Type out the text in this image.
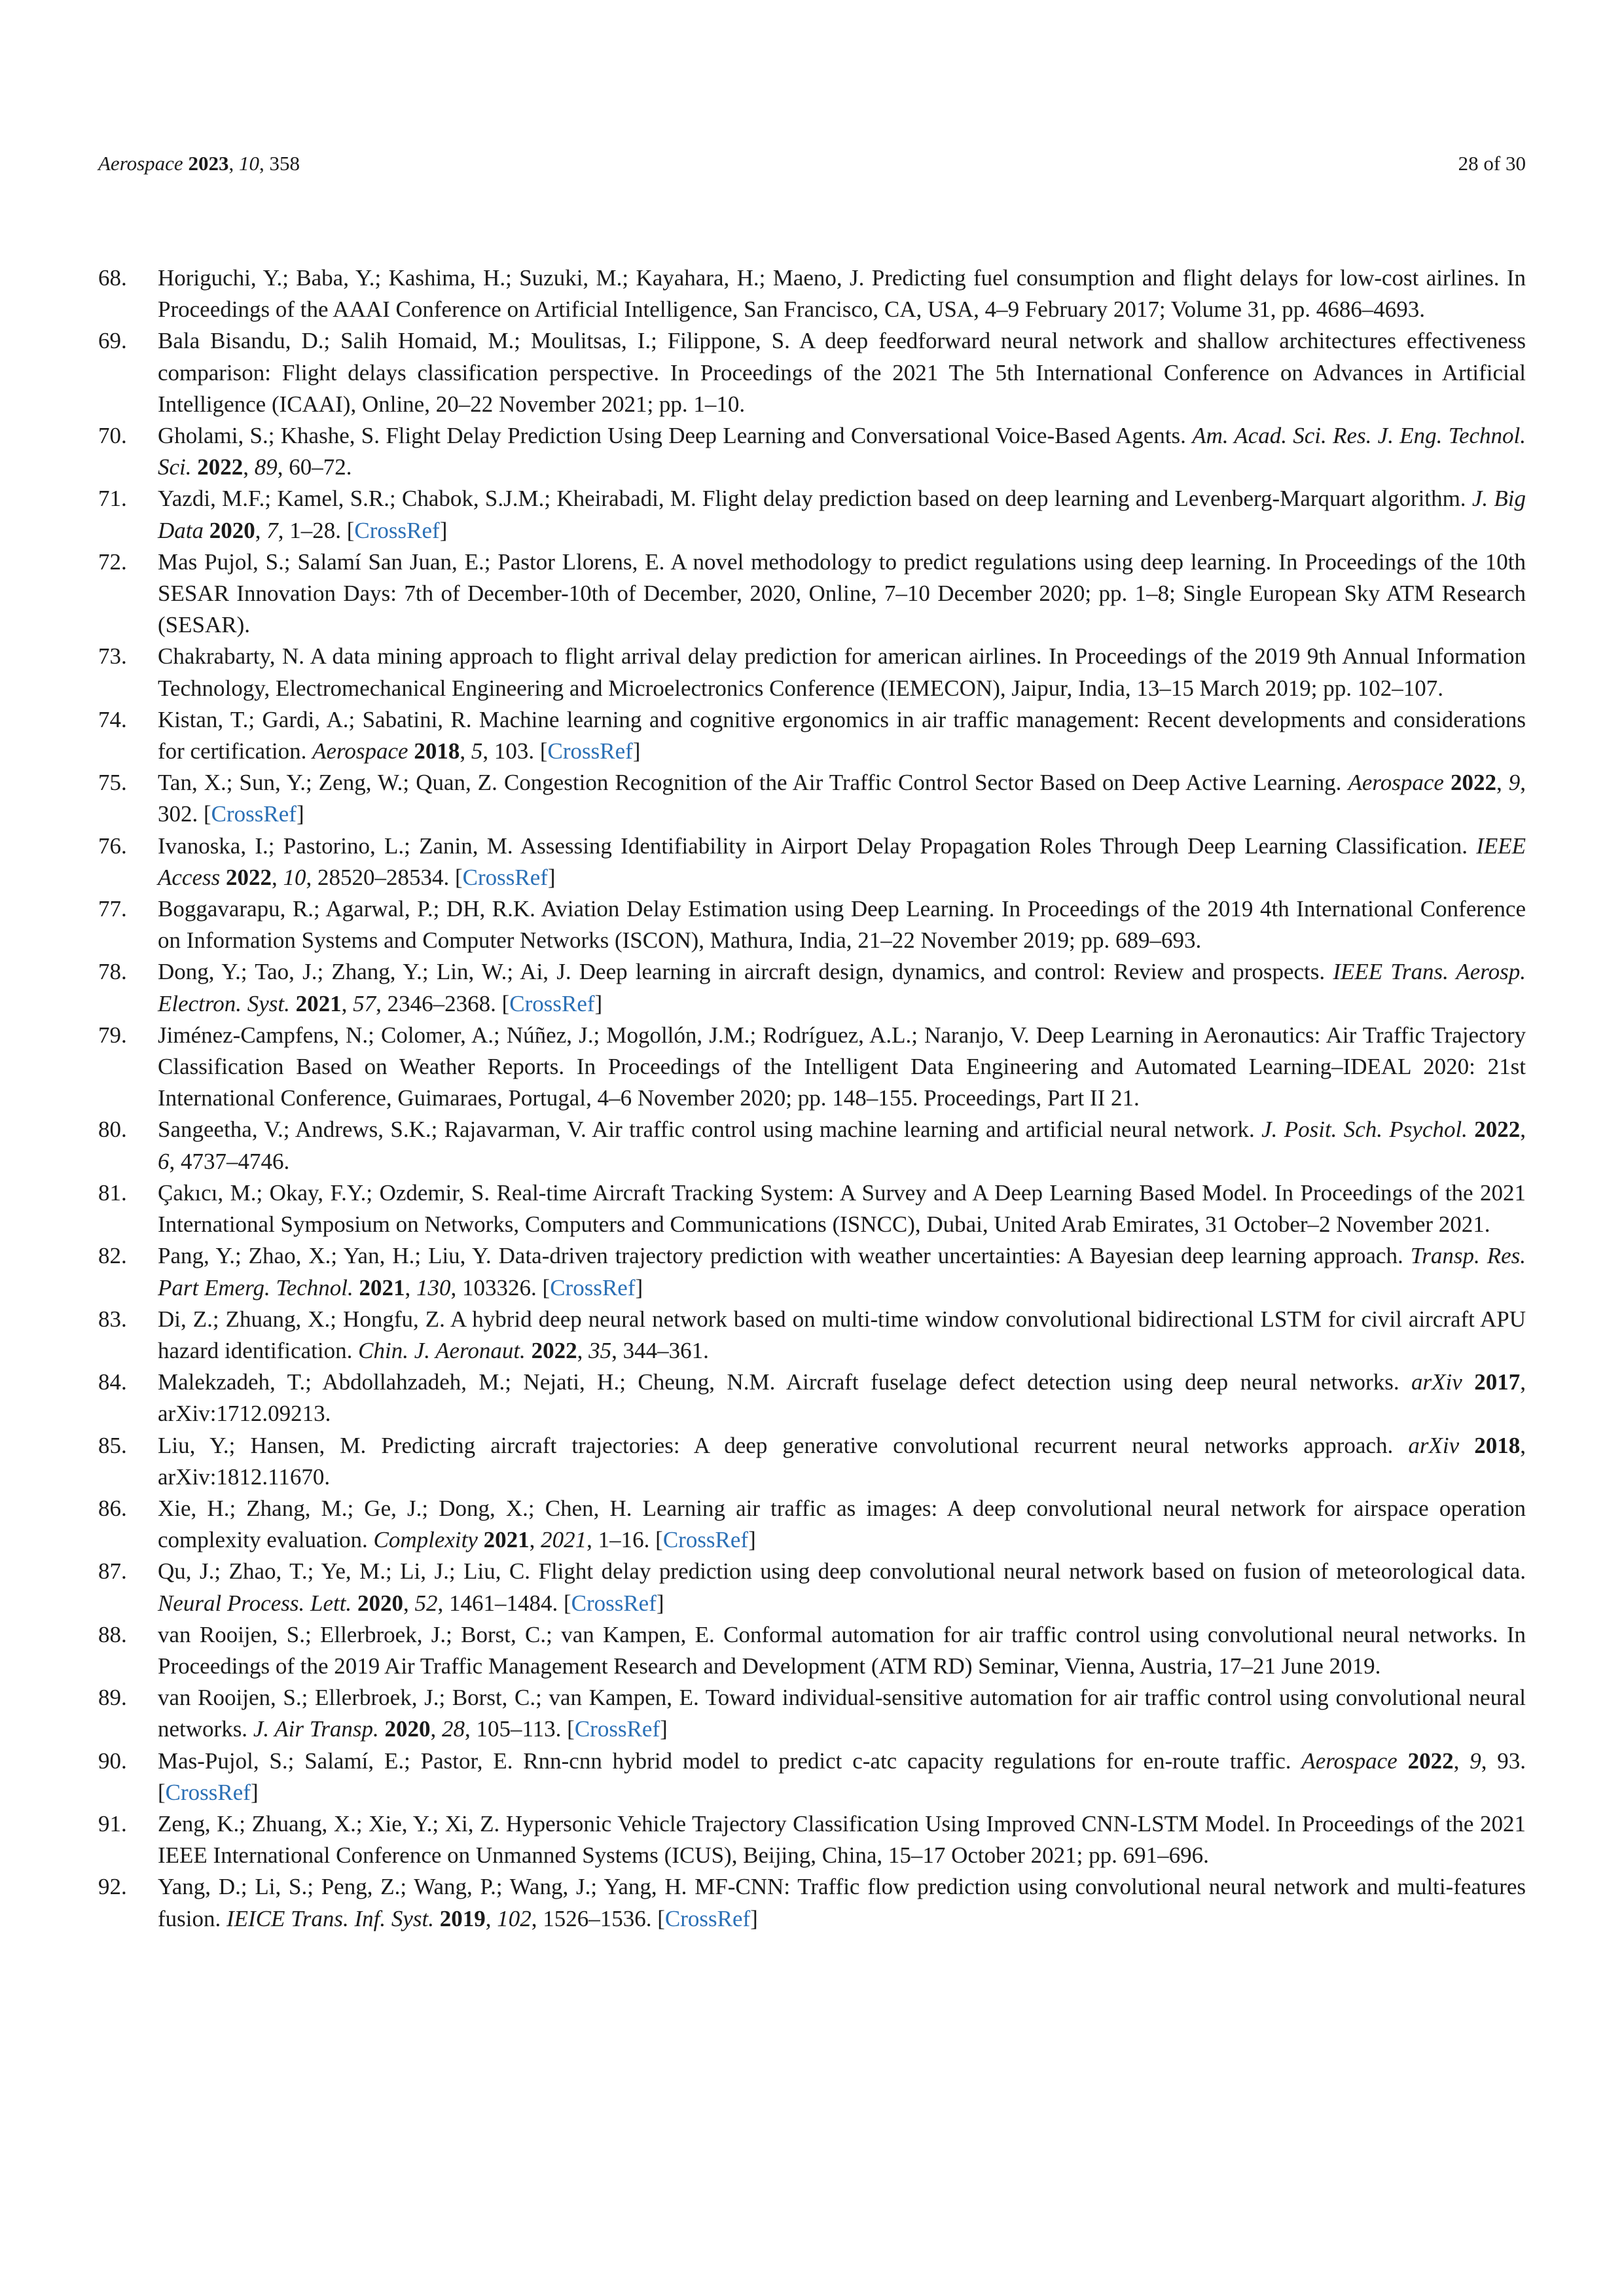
Aerospace 2023, 10, 358	28 of 30
68. Horiguchi, Y.; Baba, Y.; Kashima, H.; Suzuki, M.; Kayahara, H.; Maeno, J. Predicting fuel consumption and flight delays for low-cost airlines. In Proceedings of the AAAI Conference on Artificial Intelligence, San Francisco, CA, USA, 4–9 February 2017; Volume 31, pp. 4686–4693.
69. Bala Bisandu, D.; Salih Homaid, M.; Moulitsas, I.; Filippone, S. A deep feedforward neural network and shallow architectures effectiveness comparison: Flight delays classification perspective. In Proceedings of the 2021 The 5th International Conference on Advances in Artificial Intelligence (ICAAI), Online, 20–22 November 2021; pp. 1–10.
70. Gholami, S.; Khashe, S. Flight Delay Prediction Using Deep Learning and Conversational Voice-Based Agents. Am. Acad. Sci. Res. J. Eng. Technol. Sci. 2022, 89, 60–72.
71. Yazdi, M.F.; Kamel, S.R.; Chabok, S.J.M.; Kheirabadi, M. Flight delay prediction based on deep learning and Levenberg-Marquart algorithm. J. Big Data 2020, 7, 1–28. [CrossRef]
72. Mas Pujol, S.; Salamí San Juan, E.; Pastor Llorens, E. A novel methodology to predict regulations using deep learning. In Proceedings of the 10th SESAR Innovation Days: 7th of December-10th of December, 2020, Online, 7–10 December 2020; pp. 1–8; Single European Sky ATM Research (SESAR).
73. Chakrabarty, N. A data mining approach to flight arrival delay prediction for american airlines. In Proceedings of the 2019 9th Annual Information Technology, Electromechanical Engineering and Microelectronics Conference (IEMECON), Jaipur, India, 13–15 March 2019; pp. 102–107.
74. Kistan, T.; Gardi, A.; Sabatini, R. Machine learning and cognitive ergonomics in air traffic management: Recent developments and considerations for certification. Aerospace 2018, 5, 103. [CrossRef]
75. Tan, X.; Sun, Y.; Zeng, W.; Quan, Z. Congestion Recognition of the Air Traffic Control Sector Based on Deep Active Learning. Aerospace 2022, 9, 302. [CrossRef]
76. Ivanoska, I.; Pastorino, L.; Zanin, M. Assessing Identifiability in Airport Delay Propagation Roles Through Deep Learning Classification. IEEE Access 2022, 10, 28520–28534. [CrossRef]
77. Boggavarapu, R.; Agarwal, P.; DH, R.K. Aviation Delay Estimation using Deep Learning. In Proceedings of the 2019 4th International Conference on Information Systems and Computer Networks (ISCON), Mathura, India, 21–22 November 2019; pp. 689–693.
78. Dong, Y.; Tao, J.; Zhang, Y.; Lin, W.; Ai, J. Deep learning in aircraft design, dynamics, and control: Review and prospects. IEEE Trans. Aerosp. Electron. Syst. 2021, 57, 2346–2368. [CrossRef]
79. Jiménez-Campfens, N.; Colomer, A.; Núñez, J.; Mogollón, J.M.; Rodríguez, A.L.; Naranjo, V. Deep Learning in Aeronautics: Air Traffic Trajectory Classification Based on Weather Reports. In Proceedings of the Intelligent Data Engineering and Automated Learning–IDEAL 2020: 21st International Conference, Guimaraes, Portugal, 4–6 November 2020; pp. 148–155. Proceedings, Part II 21.
80. Sangeetha, V.; Andrews, S.K.; Rajavarman, V. Air traffic control using machine learning and artificial neural network. J. Posit. Sch. Psychol. 2022, 6, 4737–4746.
81. Çakıcı, M.; Okay, F.Y.; Ozdemir, S. Real-time Aircraft Tracking System: A Survey and A Deep Learning Based Model. In Proceedings of the 2021 International Symposium on Networks, Computers and Communications (ISNCC), Dubai, United Arab Emirates, 31 October–2 November 2021.
82. Pang, Y.; Zhao, X.; Yan, H.; Liu, Y. Data-driven trajectory prediction with weather uncertainties: A Bayesian deep learning approach. Transp. Res. Part Emerg. Technol. 2021, 130, 103326. [CrossRef]
83. Di, Z.; Zhuang, X.; Hongfu, Z. A hybrid deep neural network based on multi-time window convolutional bidirectional LSTM for civil aircraft APU hazard identification. Chin. J. Aeronaut. 2022, 35, 344–361.
84. Malekzadeh, T.; Abdollahzadeh, M.; Nejati, H.; Cheung, N.M. Aircraft fuselage defect detection using deep neural networks. arXiv 2017, arXiv:1712.09213.
85. Liu, Y.; Hansen, M. Predicting aircraft trajectories: A deep generative convolutional recurrent neural networks approach. arXiv 2018, arXiv:1812.11670.
86. Xie, H.; Zhang, M.; Ge, J.; Dong, X.; Chen, H. Learning air traffic as images: A deep convolutional neural network for airspace operation complexity evaluation. Complexity 2021, 2021, 1–16. [CrossRef]
87. Qu, J.; Zhao, T.; Ye, M.; Li, J.; Liu, C. Flight delay prediction using deep convolutional neural network based on fusion of meteorological data. Neural Process. Lett. 2020, 52, 1461–1484. [CrossRef]
88. van Rooijen, S.; Ellerbroek, J.; Borst, C.; van Kampen, E. Conformal automation for air traffic control using convolutional neural networks. In Proceedings of the 2019 Air Traffic Management Research and Development (ATM RD) Seminar, Vienna, Austria, 17–21 June 2019.
89. van Rooijen, S.; Ellerbroek, J.; Borst, C.; van Kampen, E. Toward individual-sensitive automation for air traffic control using convolutional neural networks. J. Air Transp. 2020, 28, 105–113. [CrossRef]
90. Mas-Pujol, S.; Salamí, E.; Pastor, E. Rnn-cnn hybrid model to predict c-atc capacity regulations for en-route traffic. Aerospace 2022, 9, 93. [CrossRef]
91. Zeng, K.; Zhuang, X.; Xie, Y.; Xi, Z. Hypersonic Vehicle Trajectory Classification Using Improved CNN-LSTM Model. In Proceedings of the 2021 IEEE International Conference on Unmanned Systems (ICUS), Beijing, China, 15–17 October 2021; pp. 691–696.
92. Yang, D.; Li, S.; Peng, Z.; Wang, P.; Wang, J.; Yang, H. MF-CNN: Traffic flow prediction using convolutional neural network and multi-features fusion. IEICE Trans. Inf. Syst. 2019, 102, 1526–1536. [CrossRef]
